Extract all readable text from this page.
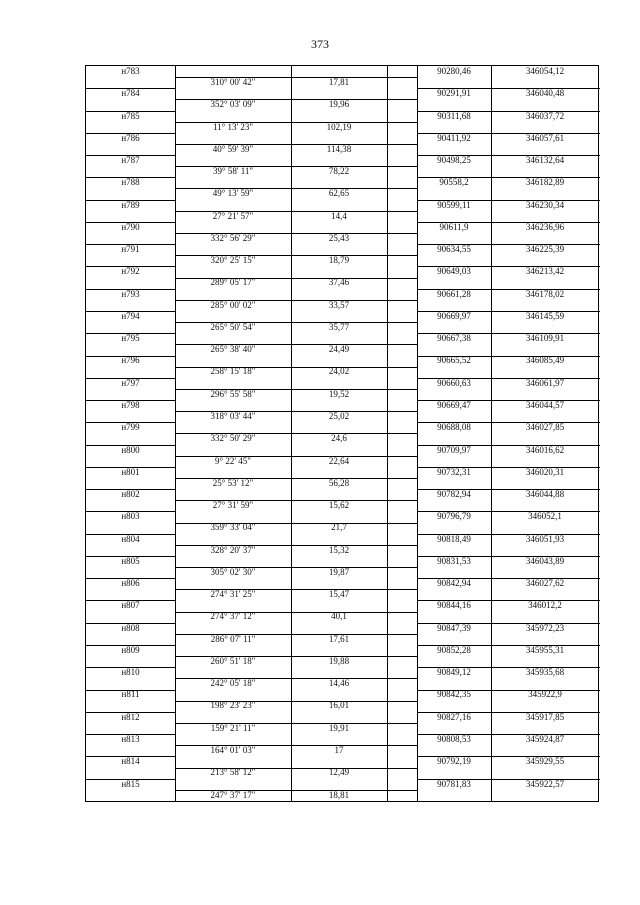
373
н783	90280,46	346054,12
310° 00' 42"	17,81
н784	90291,91	346040,48
352° 03' 09"	19,96
н785	90311,68	346037,72
11° 13' 23"	102,19
н786	90411,92	346057,61
40° 59' 39"	114,38
н787	90498,25	346132,64
39° 58' 11"	78,22
н788	90558,2	346182,89
49° 13' 59"	62,65
н789	90599,11	346230,34
27° 21' 57"	14,4
н790	90611,9	346236,96
332° 56' 29"	25,43
н791	90634,55	346225,39
320° 25' 15"	18,79
н792	90649,03	346213,42
289° 05' 17"	37,46
н793	90661,28	346178,02
285° 00' 02"	33,57
н794	90669,97	346145,59
265° 50' 54"	35,77
н795	90667,38	346109,91
265° 38' 40"	24,49
н796	90665,52	346085,49
258° 15' 18"	24,02
н797	90660,63	346061,97
296° 55' 58"	19,52
н798	90669,47	346044,57
318° 03' 44"	25,02
н799	90688,08	346027,85
332° 50' 29"	24,6
н800	90709,97	346016,62
9° 22' 45"	22,64
н801	90732,31	346020,31
25° 53' 12"	56,28
н802	90782,94	346044,88
27° 31' 59"	15,62
н803	90796,79	346052,1
359° 33' 04"	21,7
н804	90818,49	346051,93
328° 20' 37"	15,32
н805	90831,53	346043,89
305° 02' 30"	19,87
н806	90842,94	346027,62
274° 31' 25"	15,47
н807	90844,16	346012,2
274° 37' 12"	40,1
н808	90847,39	345972,23
286° 07' 11"	17,61
н809	90852,28	345955,31
260° 51' 18"	19,88
н810	90849,12	345935,68
242° 05' 18"	14,46
н811	90842,35	345922,9
198° 23' 23"	16,01
н812	90827,16	345917,85
159° 21' 11"	19,91
н813	90808,53	345924,87
164° 01' 03"	17
н814	90792,19	345929,55
213° 58' 12"	12,49
н815	90781,83	345922,57
247° 37' 17"	18,81
